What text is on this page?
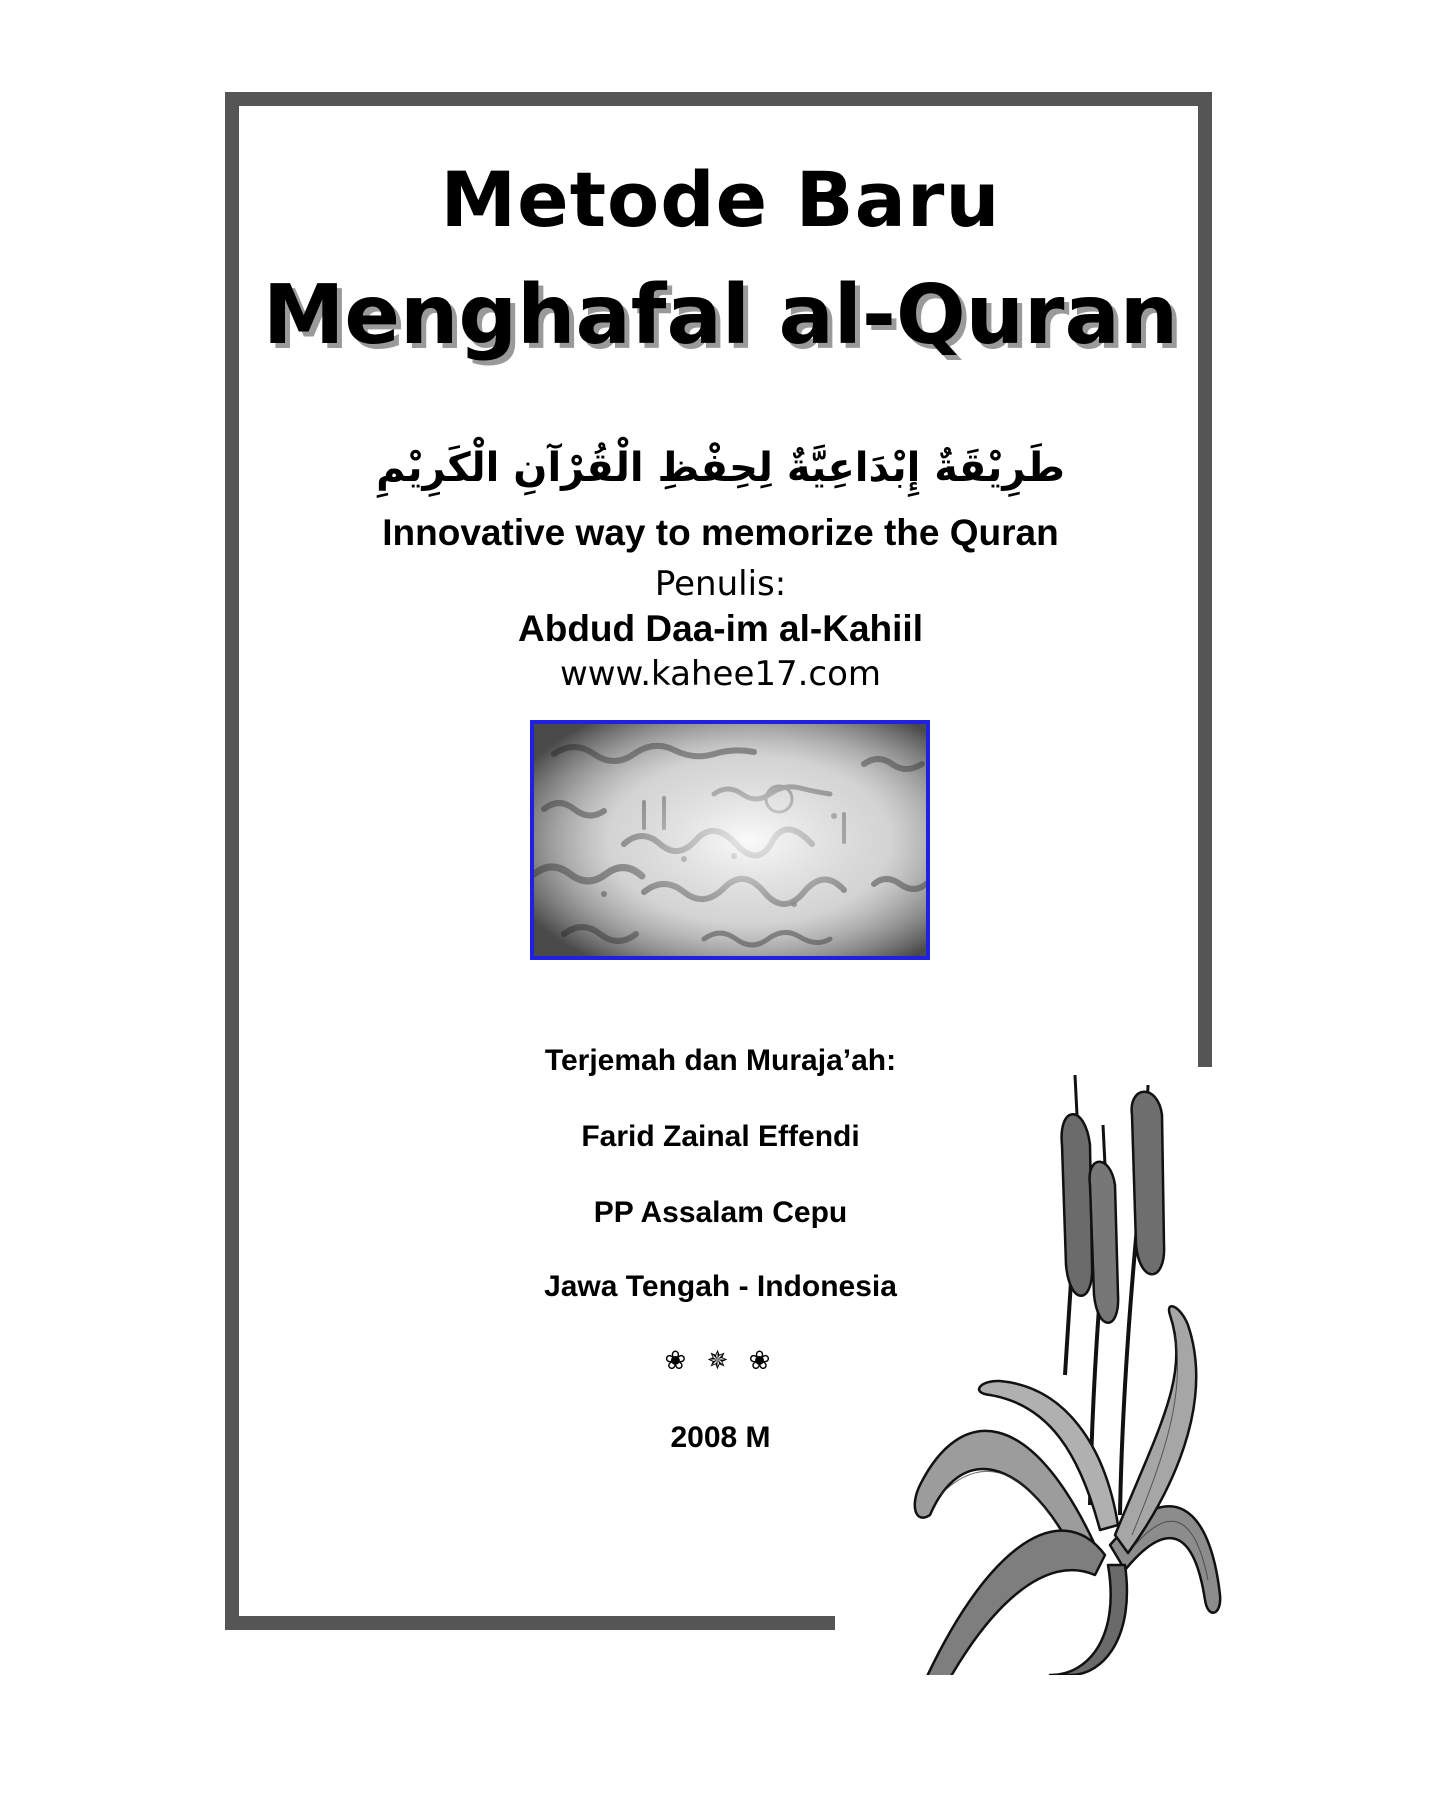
Metode Baru
Menghafal al-Quran
طَرِيْقَةٌ إِبْدَاعِيَّةٌ لِحِفْظِ الْقُرْآنِ الْكَرِيْمِ
Innovative way to memorize the Quran
Penulis:
Abdud Daa-im al-Kahiil
www.kahee17.com
Terjemah dan Muraja’ah:
Farid Zainal Effendi
PP Assalam Cepu
Jawa Tengah - Indonesia
❀ ✵ ❀
2008 M
